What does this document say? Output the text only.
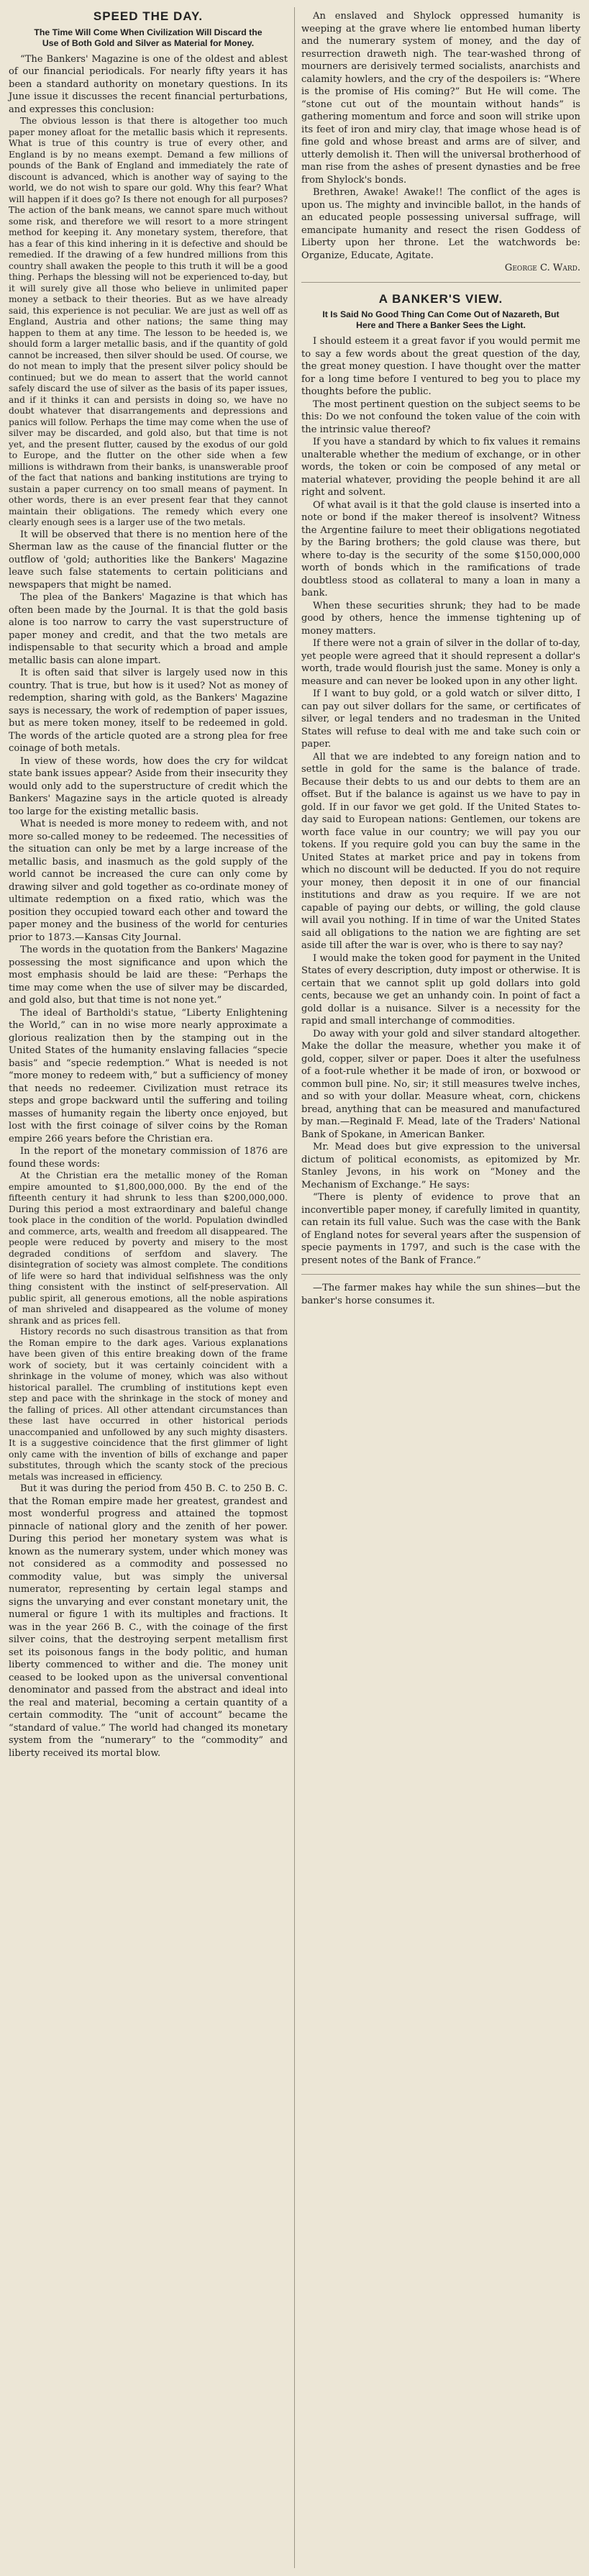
SPEED THE DAY.
The Time Will Come When Civilization Will Discard the Use of Both Gold and Silver as Material for Money.

“The Bankers' Magazine is one of the oldest and ablest of our financial periodicals. For nearly fifty years it has been a standard authority on monetary questions. In its June issue it discusses the recent financial perturbations, and expresses this conclusion:

The obvious lesson is that there is altogether too much paper money afloat for the metallic basis which it represents. What is true of this country is true of every other, and England is by no means exempt. Demand a few millions of pounds of the Bank of England and immediately the rate of discount is advanced, which is another way of saying to the world, we do not wish to spare our gold. Why this fear? What will happen if it does go? Is there not enough for all purposes? The action of the bank means, we cannot spare much without some risk, and therefore we will resort to a more stringent method for keeping it. Any monetary system, therefore, that has a fear of this kind inhering in it is defective and should be remedied. If the drawing of a few hundred millions from this country shall awaken the people to this truth it will be a good thing. Perhaps the blessing will not be experienced to-day, but it will surely give all those who believe in unlimited paper money a setback to their theories. But as we have already said, this experience is not peculiar. We are just as well off as England, Austria and other nations; the same thing may happen to them at any time. The lesson to be heeded is, we should form a larger metallic basis, and if the quantity of gold cannot be increased, then silver should be used. Of course, we do not mean to imply that the present silver policy should be continued; but we do mean to assert that the world cannot safely discard the use of silver as the basis of its paper issues, and if it thinks it can and persists in doing so, we have no doubt whatever that disarrangements and depressions and panics will follow. Perhaps the time may come when the use of silver may be discarded, and gold also, but that time is not yet, and the present flutter, caused by the exodus of our gold to Europe, and the flutter on the other side when a few millions is withdrawn from their banks, is unanswerable proof of the fact that nations and banking institutions are trying to sustain a paper currency on too small means of payment. In other words, there is an ever present fear that they cannot maintain their obligations. The remedy which every one clearly enough sees is a larger use of the two metals.

It will be observed that there is no mention here of the Sherman law as the cause of the financial flutter or the outflow of 'gold; authorities like the Bankers' Magazine leave such false statements to certain politicians and newspapers that might be named.

The plea of the Bankers' Magazine is that which has often been made by the Journal. It is that the gold basis alone is too narrow to carry the vast superstructure of paper money and credit, and that the two metals are indispensable to that security which a broad and ample metallic basis can alone impart.

It is often said that silver is largely used now in this country. That is true, but how is it used? Not as money of redemption, sharing with gold, as the Bankers' Magazine says is necessary, the work of redemption of paper issues, but as mere token money, itself to be redeemed in gold. The words of the article quoted are a strong plea for free coinage of both metals.

In view of these words, how does the cry for wildcat state bank issues appear? Aside from their insecurity they would only add to the superstructure of credit which the Bankers' Magazine says in the article quoted is already too large for the existing metallic basis.

What is needed is more money to redeem with, and not more so-called money to be redeemed. The necessities of the situation can only be met by a large increase of the metallic basis, and inasmuch as the gold supply of the world cannot be increased the cure can only come by drawing silver and gold together as co-ordinate money of ultimate redemption on a fixed ratio, which was the position they occupied toward each other and toward the paper money and the business of the world for centuries prior to 1873.—Kansas City Journal.

The words in the quotation from the Bankers' Magazine possessing the most significance and upon which the most emphasis should be laid are these: “Perhaps the time may come when the use of silver may be discarded, and gold also, but that time is not none yet.”

The ideal of Bartholdi's statue, “Liberty Enlightening the World,” can in no wise more nearly approximate a glorious realization then by the stamping out in the United States of the humanity enslaving fallacies “specie basis” and “specie redemption.” What is needed is not “more money to redeem with,” but a sufficiency of money that needs no redeemer. Civilization must retrace its steps and grope backward until the suffering and toiling masses of humanity regain the liberty once enjoyed, but lost with the first coinage of silver coins by the Roman empire 266 years before the Christian era.

In the report of the monetary commission of 1876 are found these words:

At the Christian era the metallic money of the Roman empire amounted to $1,800,000,000. By the end of the fifteenth century it had shrunk to less than $200,000,000. During this period a most extraordinary and baleful change took place in the condition of the world. Population dwindled and commerce, arts, wealth and freedom all disappeared. The people were reduced by poverty and misery to the most degraded conditions of serfdom and slavery. The disintegration of society was almost complete. The conditions of life were so hard that individual selfishness was the only thing consistent with the instinct of self-preservation. All public spirit, all generous emotions, all the noble aspirations of man shriveled and disappeared as the volume of money shrank and as prices fell.

History records no such disastrous transition as that from the Roman empire to the dark ages. Various explanations have been given of this entire breaking down of the frame work of society, but it was certainly coincident with a shrinkage in the volume of money, which was also without historical parallel. The crumbling of institutions kept even step and pace with the shrinkage in the stock of money and the falling of prices. All other attendant circumstances than these last have occurred in other historical periods unaccompanied and unfollowed by any such mighty disasters. It is a suggestive coincidence that the first glimmer of light only came with the invention of bills of exchange and paper substitutes, through which the scanty stock of the precious metals was increased in efficiency.

But it was during the period from 450 B. C. to 250 B. C. that the Roman empire made her greatest, grandest and most wonderful progress and attained the topmost pinnacle of national glory and the zenith of her power. During this period her monetary system was what is known as the numerary system, under which money was not considered as a commodity and possessed no commodity value, but was simply the universal numerator, representing by certain legal stamps and signs the unvarying and ever constant monetary unit, the numeral or figure 1 with its multiples and fractions. It was in the year 266 B. C., with the coinage of the first silver coins, that the destroying serpent metallism first set its poisonous fangs in the body politic, and human liberty commenced to wither and die. The money unit ceased to be looked upon as the universal conventional denominator and passed from the abstract and ideal into the real and material, becoming a certain quantity of a certain commodity. The “unit of account” became the “standard of value.” The world had changed its monetary system from the “numerary” to the “commodity” and liberty received its mortal blow.

An enslaved and Shylock oppressed humanity is weeping at the grave where lie entombed human liberty and the numerary system of money, and the day of resurrection draweth nigh. The tear-washed throng of mourners are derisively termed socialists, anarchists and calamity howlers, and the cry of the despoilers is: “Where is the promise of His coming?” But He will come. The “stone cut out of the mountain without hands” is gathering momentum and force and soon will strike upon its feet of iron and miry clay, that image whose head is of fine gold and whose breast and arms are of silver, and utterly demolish it. Then will the universal brotherhood of man rise from the ashes of present dynasties and be free from Shylock's bonds.

Brethren, Awake! Awake!! The conflict of the ages is upon us. The mighty and invincible ballot, in the hands of an educated people possessing universal suffrage, will emancipate humanity and resect the risen Goddess of Liberty upon her throne. Let the watchwords be: Organize, Educate, Agitate.

George C. Ward.

A BANKER'S VIEW.
It Is Said No Good Thing Can Come Out of Nazareth, But Here and There a Banker Sees the Light.

I should esteem it a great favor if you would permit me to say a few words about the great question of the day, the great money question. I have thought over the matter for a long time before I ventured to beg you to place my thoughts before the public.

The most pertinent question on the subject seems to be this: Do we not confound the token value of the coin with the intrinsic value thereof?

If you have a standard by which to fix values it remains unalterable whether the medium of exchange, or in other words, the token or coin be composed of any metal or material whatever, providing the people behind it are all right and solvent.

Of what avail is it that the gold clause is inserted into a note or bond if the maker thereof is insolvent? Witness the Argentine failure to meet their obligations negotiated by the Baring brothers; the gold clause was there, but where to-day is the security of the some $150,000,000 worth of bonds which in the ramifications of trade doubtless stood as collateral to many a loan in many a bank.

When these securities shrunk; they had to be made good by others, hence the immense tightening up of money matters.

If there were not a grain of silver in the dollar of to-day, yet people were agreed that it should represent a dollar's worth, trade would flourish just the same. Money is only a measure and can never be looked upon in any other light.

If I want to buy gold, or a gold watch or silver ditto, I can pay out silver dollars for the same, or certificates of silver, or legal tenders and no tradesman in the United States will refuse to deal with me and take such coin or paper.

All that we are indebted to any foreign nation and to settle in gold for the same is the balance of trade. Because their debts to us and our debts to them are an offset. But if the balance is against us we have to pay in gold. If in our favor we get gold. If the United States to-day said to European nations: Gentlemen, our tokens are worth face value in our country; we will pay you our tokens. If you require gold you can buy the same in the United States at market price and pay in tokens from which no discount will be deducted. If you do not require your money, then deposit it in one of our financial institutions and draw as you require. If we are not capable of paying our debts, or willing, the gold clause will avail you nothing. If in time of war the United States said all obligations to the nation we are fighting are set aside till after the war is over, who is there to say nay?

I would make the token good for payment in the United States of every description, duty impost or otherwise. It is certain that we cannot split up gold dollars into gold cents, because we get an unhandy coin. In point of fact a gold dollar is a nuisance. Silver is a necessity for the rapid and small interchange of commodities.

Do away with your gold and silver standard altogether. Make the dollar the measure, whether you make it of gold, copper, silver or paper. Does it alter the usefulness of a foot-rule whether it be made of iron, or boxwood or common bull pine. No, sir; it still measures twelve inches, and so with your dollar. Measure wheat, corn, chickens bread, anything that can be measured and manufactured by man.—Reginald F. Mead, late of the Traders' National Bank of Spokane, in American Banker.

Mr. Mead does but give expression to the universal dictum of political economists, as epitomized by Mr. Stanley Jevons, in his work on “Money and the Mechanism of Exchange.” He says:

“There is plenty of evidence to prove that an inconvertible paper money, if carefully limited in quantity, can retain its full value. Such was the case with the Bank of England notes for several years after the suspension of specie payments in 1797, and such is the case with the present notes of the Bank of France.”

—The farmer makes hay while the sun shines—but the banker's horse consumes it.
